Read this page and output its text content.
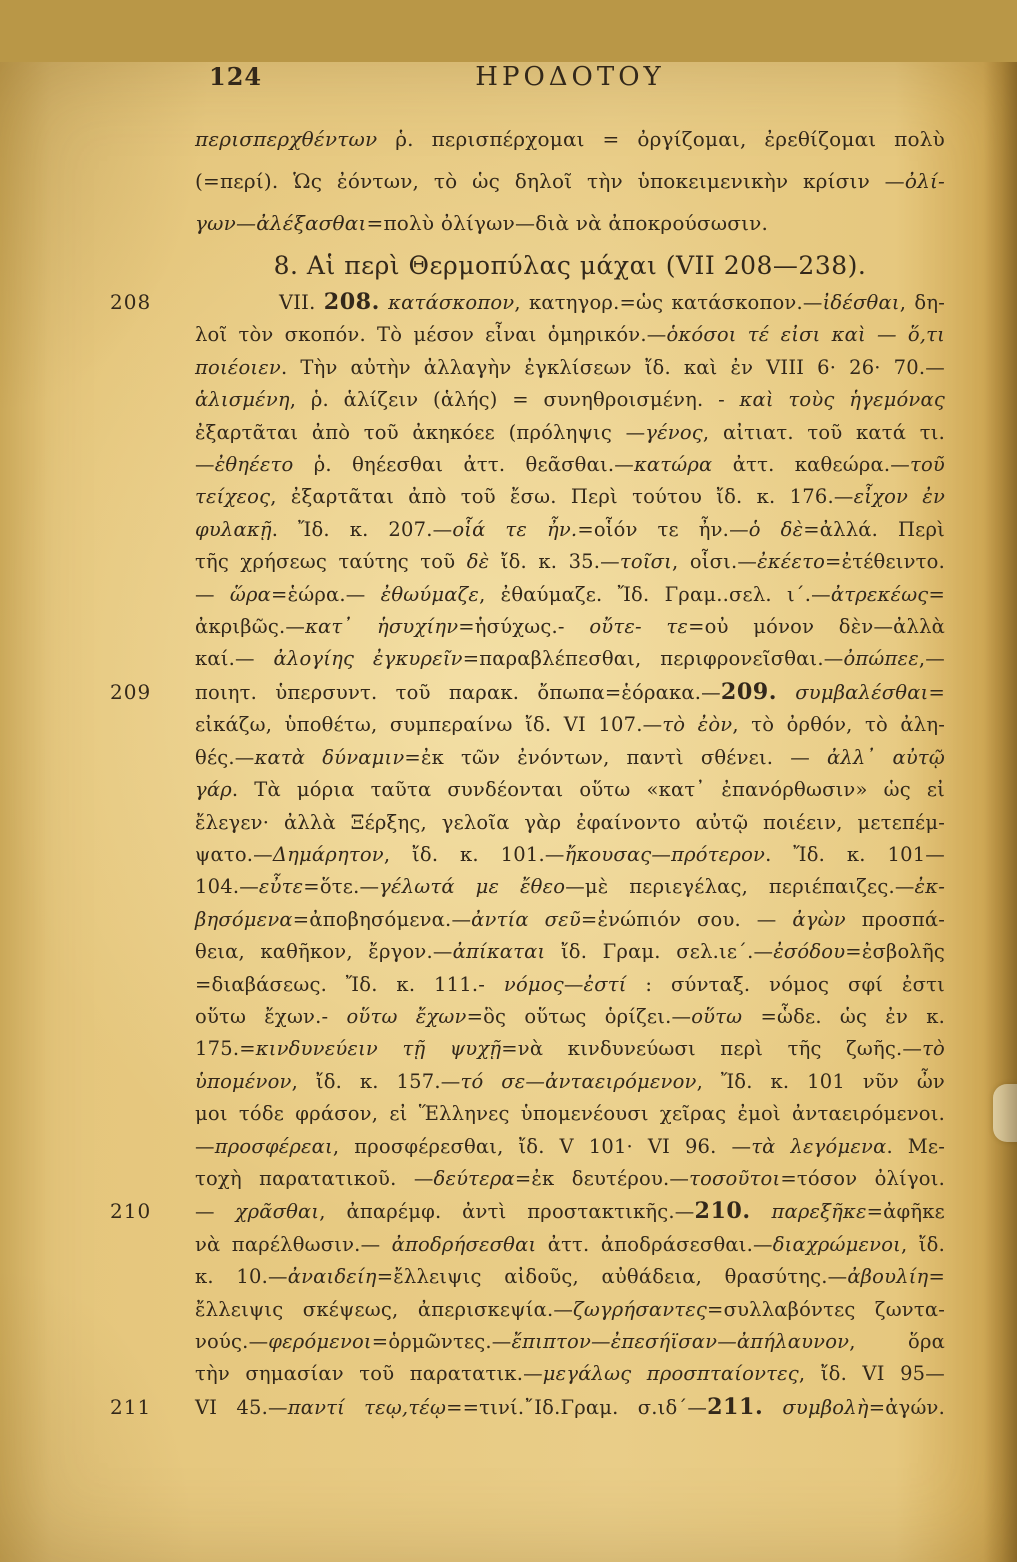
124	ΗΡΟΔΟΤΟΥ
περισπερχθέντων ῥ. περισπέρχομαι = ὀργίζομαι, ἐρεθίζομαι πολὺ
(=περί). Ὡς ἐόντων, τὸ ὡς δηλοῖ τὴν ὑποκειμενικὴν κρίσιν —ὀλί-
γων—ἀλέξασθαι=πολὺ ὀλίγων—διὰ νὰ ἀποκρούσωσιν.
8. Αἱ περὶ Θερμοπύλας μάχαι (VII 208—238).
208	VII. 208. κατάσκοπον, κατηγορ.=ὡς κατάσκοπον.—ἰδέσθαι, δη-
λοῖ τὸν σκοπόν. Τὸ μέσον εἶναι ὁμηρικόν.—ὁκόσοι τέ εἰσι καὶ — ὅ,τι
ποιέοιεν. Τὴν αὐτὴν ἀλλαγὴν ἐγκλίσεων ἴδ. καὶ ἐν VIII 6· 26· 70.—
ἁλισμένη, ῥ. ἁλίζειν (ἁλής) = συνηθροισμένη. - καὶ τοὺς ἡγεμόνας
ἐξαρτᾶται ἀπὸ τοῦ ἀκηκόεε (πρόληψις —γένος, αἰτιατ. τοῦ κατά τι.
—ἐθηέετο ῥ. θηέεσθαι ἀττ. θεᾶσθαι.—κατώρα ἀττ. καθεώρα.—τοῦ
τείχεος, ἐξαρτᾶται ἀπὸ τοῦ ἔσω. Περὶ τούτου ἴδ. κ. 176.—εἶχον ἐν
φυλακῇ. Ἴδ. κ. 207.—οἷά τε ἦν.=οἷόν τε ἦν.—ὁ δὲ=ἀλλά. Περὶ
τῆς χρήσεως ταύτης τοῦ δὲ ἴδ. κ. 35.—τοῖσι, οἷσι.—ἐκέετο=ἐτέθειντο.
— ὥρα=ἑώρα.— ἐθωύμαζε, ἐθαύμαζε. Ἴδ. Γραμ..σελ. ι΄.—ἀτρεκέως=
ἀκριβῶς.—κατ᾽ ἡσυχίην=ἡσύχως.- οὔτε- τε=οὐ μόνον δὲν—ἀλλὰ
καί.— ἀλογίης ἐγκυρεῖν=παραβλέπεσθαι, περιφρονεῖσθαι.—ὀπώπεε,—
209	ποιητ. ὑπερσυντ. τοῦ παρακ. ὄπωπα=ἑόρακα.—209. συμβαλέσθαι=
εἰκάζω, ὑποθέτω, συμπεραίνω ἴδ. VI 107.—τὸ ἐὸν, τὸ ὀρθόν, τὸ ἀλη-
θές.—κατὰ δύναμιν=ἐκ τῶν ἐνόντων, παντὶ σθένει. — ἀλλ᾽ αὐτῷ
γάρ. Τὰ μόρια ταῦτα συνδέονται οὕτω «κατ᾽ ἐπανόρθωσιν» ὡς εἰ
ἔλεγεν· ἀλλὰ Ξέρξης, γελοῖα γὰρ ἐφαίνοντο αὐτῷ ποιέειν, μετεπέμ-
ψατο.—Δημάρητον, ἴδ. κ. 101.—ἤκουσας—πρότερον. Ἴδ. κ. 101—
104.—εὖτε=ὅτε.—γέλωτά με ἔθεο—μὲ περιεγέλας, περιέπαιζες.—ἐκ-
βησόμενα=ἀποβησόμενα.—ἀντία σεῦ=ἐνώπιόν σου. — ἀγὼν προσπά-
θεια, καθῆκον, ἔργον.—ἀπίκαται ἴδ. Γραμ. σελ.ιε΄.—ἐσόδου=ἐσβολῆς
=διαβάσεως. Ἴδ. κ. 111.- νόμος—ἐστί : σύνταξ. νόμος σφί ἐστι
οὕτω ἔχων.- οὕτω ἔχων=ὃς οὕτως ὁρίζει.—οὕτω =ὧδε. ὡς ἐν κ.
175.=κινδυνεύειν τῇ ψυχῇ=νὰ κινδυνεύωσι περὶ τῆς ζωῆς.—τὸ
ὑπομένον, ἴδ. κ. 157.—τό σε—ἀνταειρόμενον, Ἴδ. κ. 101 νῦν ὦν
μοι τόδε φράσον, εἰ Ἕλληνες ὑπομενέουσι χεῖρας ἐμοὶ ἀνταειρόμενοι.
—προσφέρεαι, προσφέρεσθαι, ἴδ. V 101· VI 96. —τὰ λεγόμενα. Με-
τοχὴ παρατατικοῦ. —δεύτερα=ἐκ δευτέρου.—τοσοῦτοι=τόσον ὀλίγοι.
210	— χρᾶσθαι, ἀπαρέμφ. ἀντὶ προστακτικῆς.—210. παρεξῆκε=ἀφῆκε
νὰ παρέλθωσιν.— ἀποδρήσεσθαι ἀττ. ἀποδράσεσθαι.—διαχρώμενοι, ἴδ.
κ. 10.—ἀναιδείη=ἔλλειψις αἰδοῦς, αὐθάδεια, θρασύτης.—ἀβουλίη=
ἔλλειψις σκέψεως, ἀπερισκεψία.—ζωγρήσαντες=συλλαβόντες ζωντα-
νούς.—φερόμενοι=ὁρμῶντες.—ἔπιπτον—ἐπεσήϊσαν—ἀπήλαυνον, ὅρα
τὴν σημασίαν τοῦ παρατατικ.—μεγάλως προσπταίοντες, ἴδ. VI 95—
211	VI 45.—παντί τεῳ,τέῳ==τινί.῎Ιδ.Γραμ. σ.ιδ΄—211. συμβολὴ=ἀγών.
